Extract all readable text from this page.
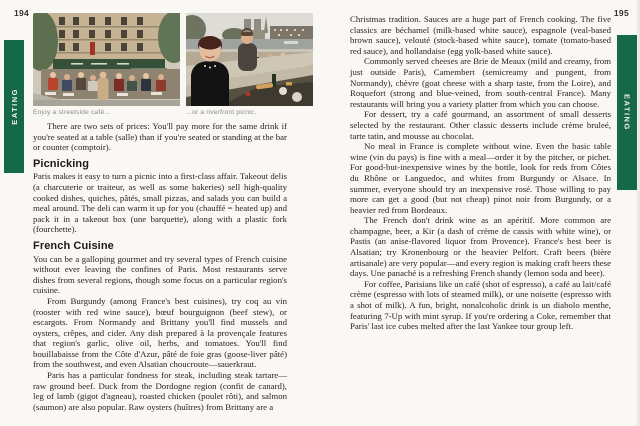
194
EATING Enjoy a streetside café...	...or a riverfront picnic.

There are two sets of prices: You'll pay more for the same drink if you're seated at a table (salle) than if you're seated or standing at the bar or counter (comptoir).

Picnicking

Paris makes it easy to turn a picnic into a first-class affair. Takeout delis (a charcuterie or traiteur, as well as some bakeries) sell high-quality cooked dishes, quiches, pâtés, small pizzas, and salads you can build a meal around. The deli can warm it up for you (chauffé = heated up) and pack it in a takeout box (une barquette), along with a plastic fork (fourchette).

French Cuisine

You can be a galloping gourmet and try several types of French cuisine without ever leaving the confines of Paris. Most restaurants serve dishes from several regions, though some focus on a particular region's cuisine.

From Burgundy (among France's best cuisines), try coq au vin (rooster with red wine sauce), bœuf bourguignon (beef stew), or escargots. From Normandy and Brittany you'll find mussels and oysters, crêpes, and cider. Any dish prepared à la provençale features that region's garlic, olive oil, herbs, and tomatoes. You'll find bouillabaisse from the Côte d'Azur, pâté de foie gras (goose-liver pâté) from the southwest, and even Alsatian choucroute—sauerkraut.

Paris has a particular fondness for steak, including steak tartare—raw ground beef. Duck from the Dordogne region (confit de canard), leg of lamb (gigot d'agneau), roasted chicken (poulet rôti), and salmon (saumon) are also popular. Raw oysters (huîtres) from Brittany are a

195
EATING

Christmas tradition. Sauces are a huge part of French cooking. The five classics are béchamel (milk-based white sauce), espagnole (veal-based brown sauce), velouté (stock-based white sauce), tomate (tomato-based red sauce), and hollandaise (egg yolk-based white sauce).

Commonly served cheeses are Brie de Meaux (mild and creamy, from just outside Paris), Camembert (semicreamy and pungent, from Normandy), chèvre (goat cheese with a sharp taste, from the Loire), and Roquefort (strong and blue-veined, from south-central France). Many restaurants will bring you a variety platter from which you can choose.

For dessert, try a café gourmand, an assortment of small desserts selected by the restaurant. Other classic desserts include crème bruleé, tarte tatin, and mousse au chocolat.

No meal in France is complete without wine. Even the basic table wine (vin du pays) is fine with a meal—order it by the pitcher, or pichet. For good-but-inexpensive wines by the bottle, look for reds from Côtes du Rhône or Languedoc, and whites from Burgundy or Alsace. In summer, everyone should try an inexpensive rosé. Those willing to pay more can get a good (but not cheap) pinot noir from Burgundy, or a heavier red from Bordeaux.

The French don't drink wine as an apéritif. More common are champagne, beer, a Kir (a dash of crème de cassis with white wine), or Pastis (an anise-flavored liquor from Provence). France's best beer is Alsatian; try Kronenbourg or the heavier Pelfort. Craft beers (bière artisanale) are very popular—and every region is making craft beers these days. Une panaché is a refreshing French shandy (lemon soda and beer).

For coffee, Parisians like un café (shot of espresso), a café au lait/café crème (espresso with lots of steamed milk), or une noisette (espresso with a shot of milk). A fun, bright, nonalcoholic drink is un diabolo menthe, featuring 7-Up with mint syrup. If you're ordering a Coke, remember that Paris' last ice cubes melted after the last Yankee tour group left.
